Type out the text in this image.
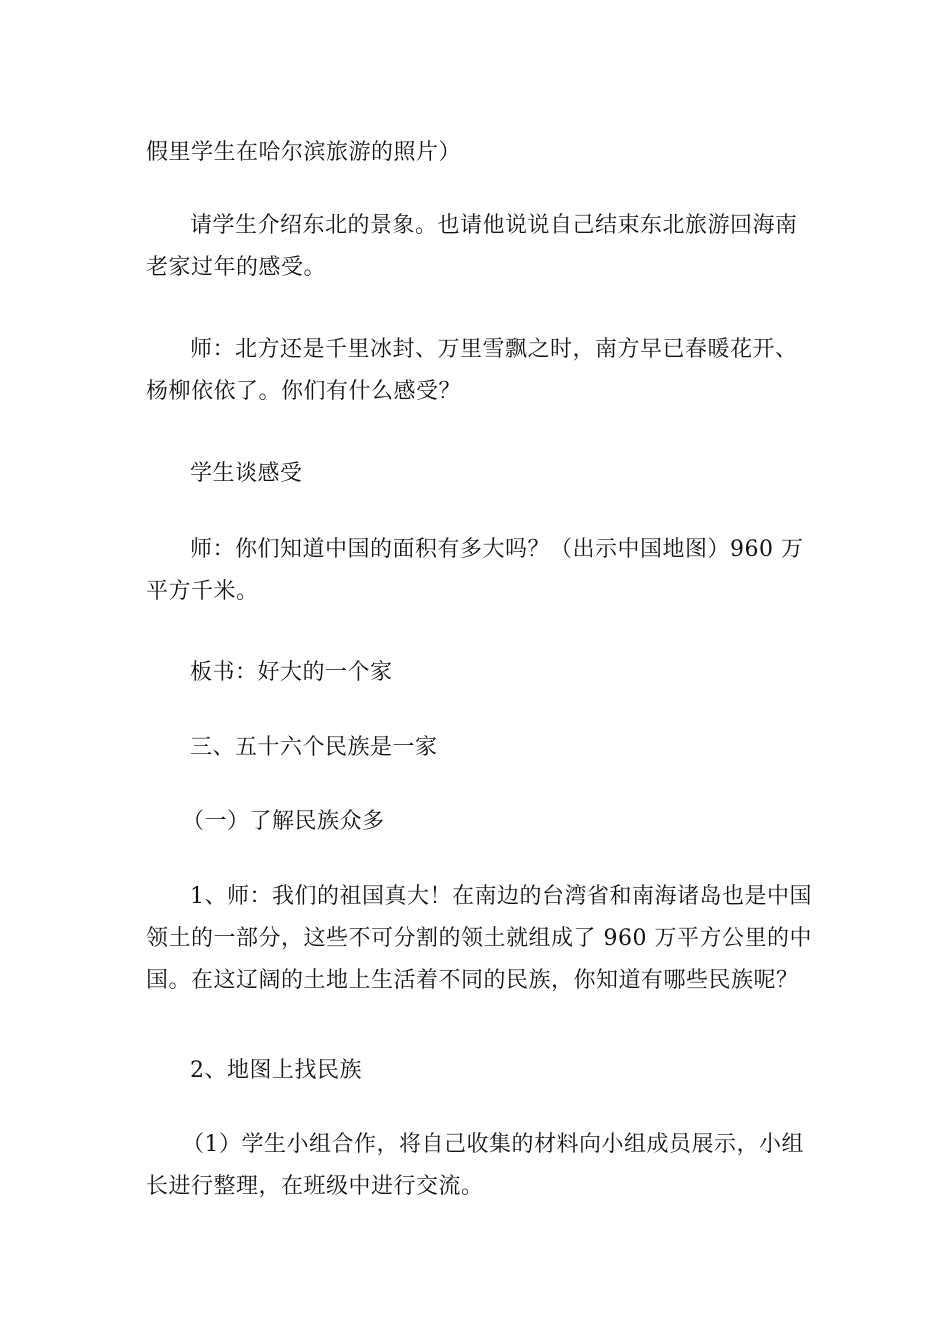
假里学生在哈尔滨旅游的照片）

请学生介绍东北的景象。也请他说说自己结束东北旅游回海南
老家过年的感受。

师：北方还是千里冰封、万里雪飘之时，南方早已春暖花开、
杨柳依依了。你们有什么感受？

学生谈感受

师：你们知道中国的面积有多大吗？（出示中国地图）960 万
平方千米。

板书：好大的一个家

三、五十六个民族是一家

（一）了解民族众多

1、师：我们的祖国真大！在南边的台湾省和南海诸岛也是中国
领土的一部分，这些不可分割的领土就组成了 960 万平方公里的中
国。在这辽阔的土地上生活着不同的民族，你知道有哪些民族呢？

2、地图上找民族

（1）学生小组合作，将自己收集的材料向小组成员展示，小组
长进行整理，在班级中进行交流。
